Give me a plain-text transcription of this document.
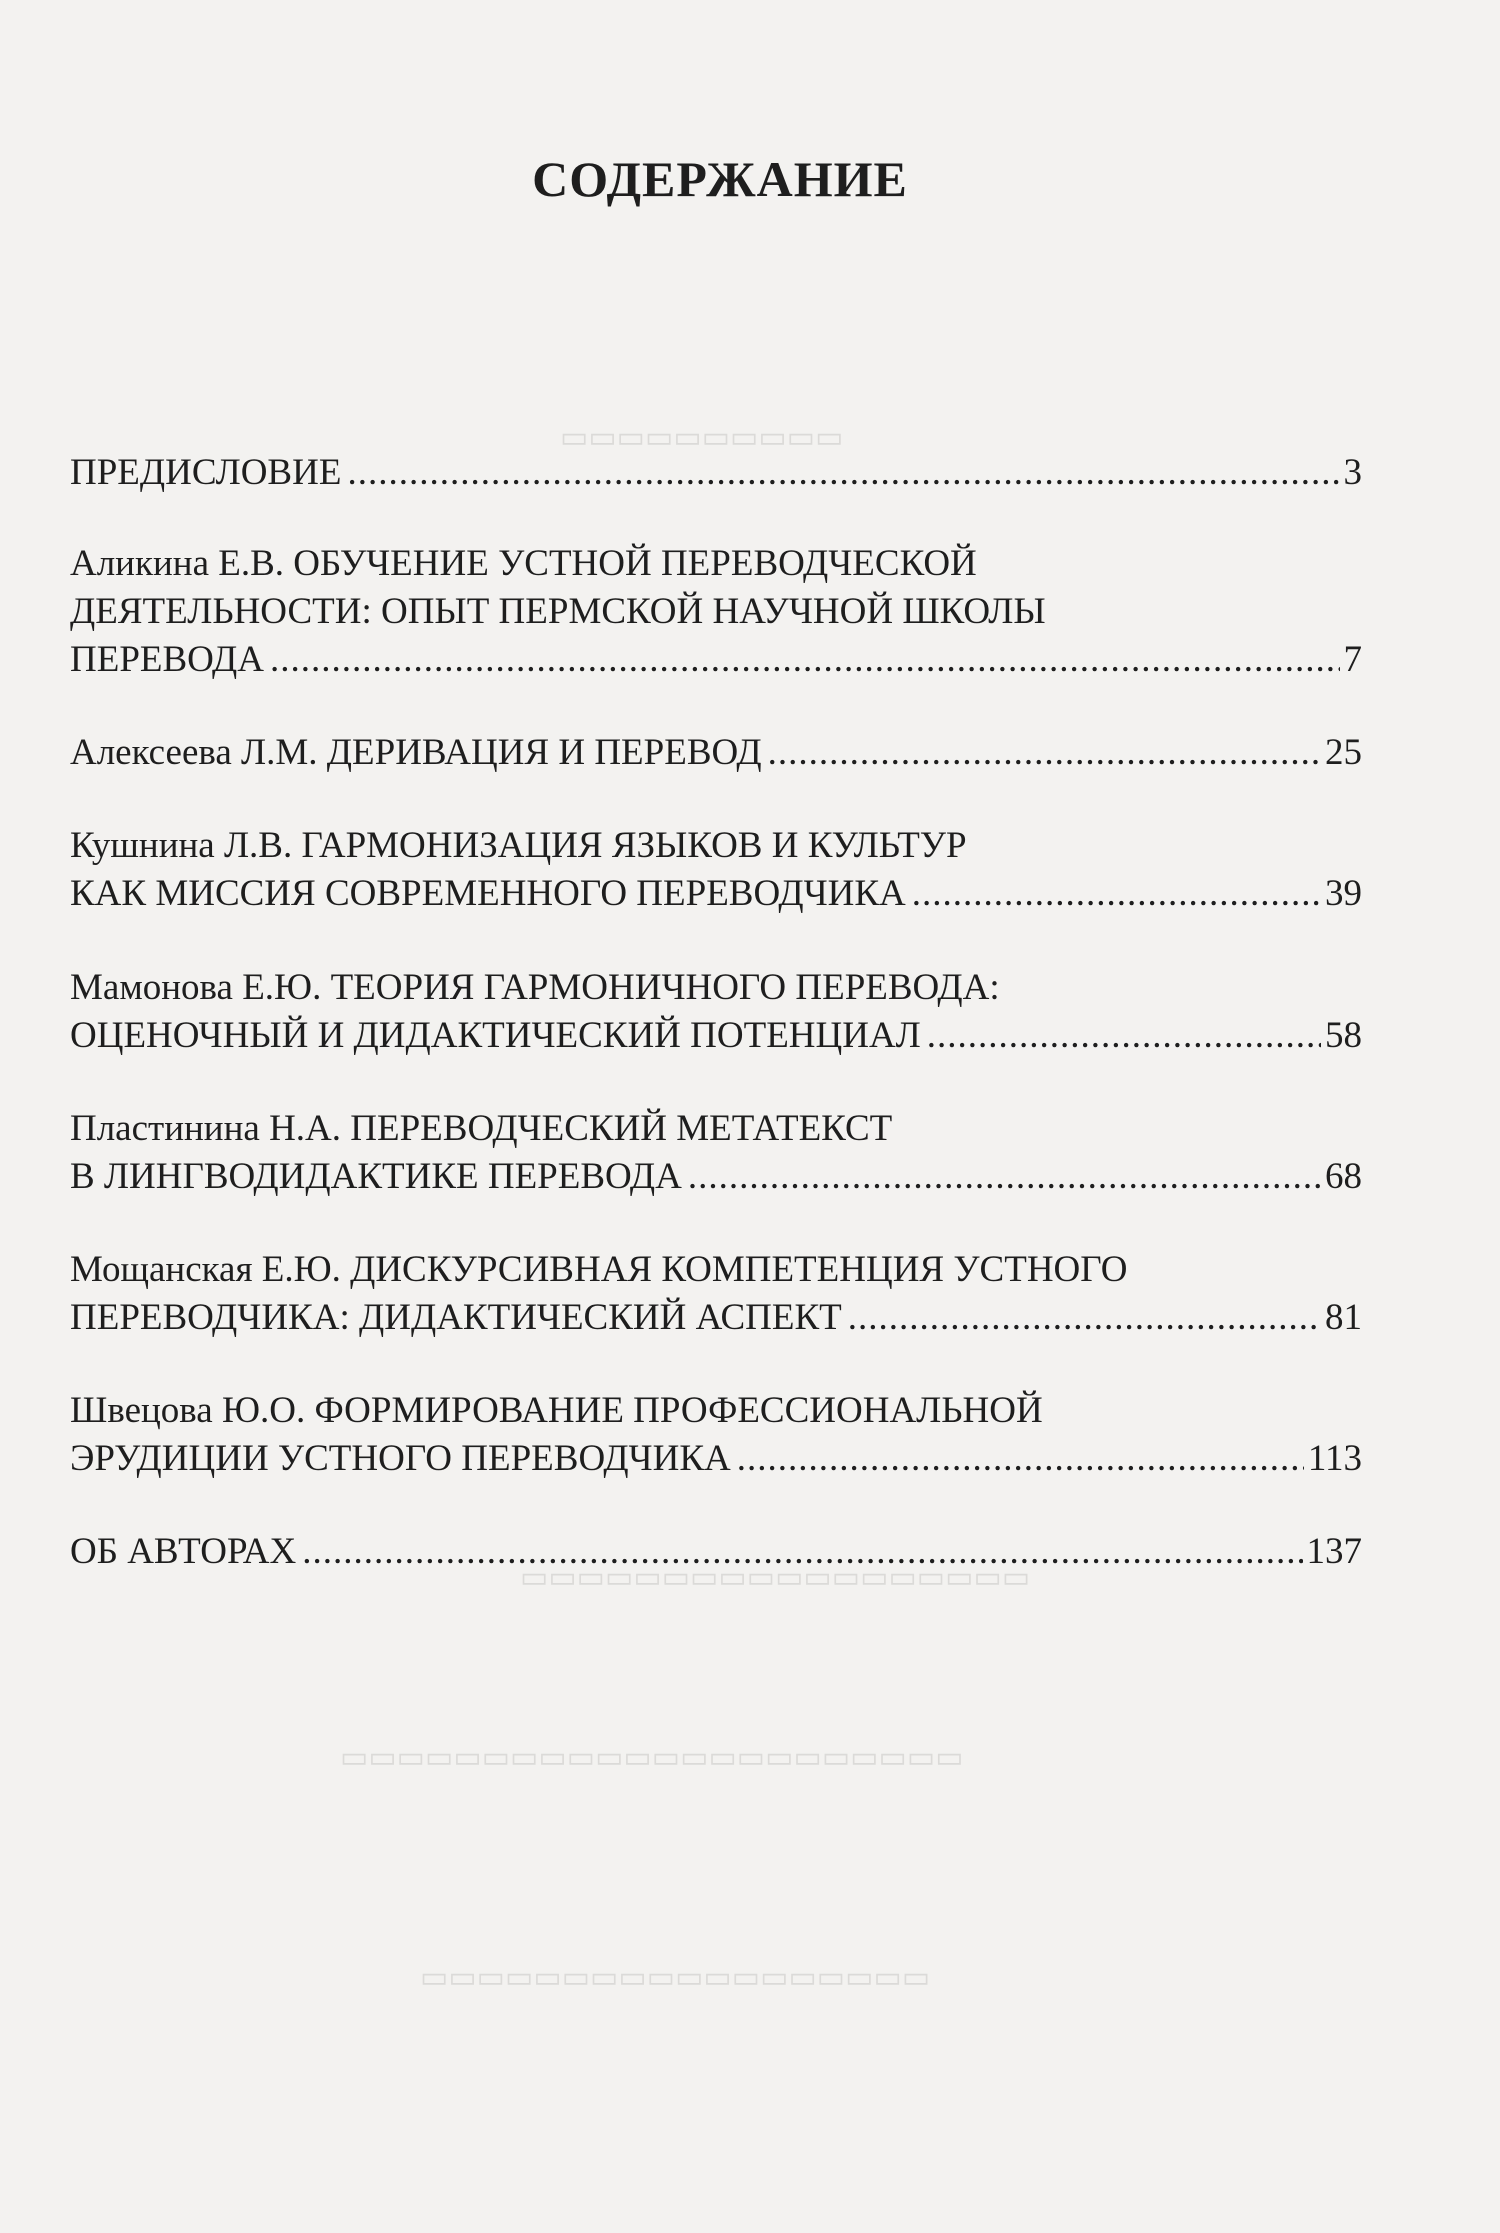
▭▭▭▭▭▭▭▭▭▭
▭▭▭▭▭▭▭▭▭▭▭▭▭▭▭▭▭▭
▭▭▭▭▭▭▭▭▭▭▭▭▭▭▭▭▭▭▭▭▭▭
▭▭▭▭▭▭▭▭▭▭▭▭▭▭▭▭▭▭
СОДЕРЖАНИЕ
ПРЕДИСЛОВИЕ .....	3
Аликина Е.В. ОБУЧЕНИЕ УСТНОЙ ПЕРЕВОДЧЕСКОЙ
ДЕЯТЕЛЬНОСТИ: ОПЫТ ПЕРМСКОЙ НАУЧНОЙ ШКОЛЫ
ПЕРЕВОДА .....	7
Алексеева Л.М. ДЕРИВАЦИЯ И ПЕРЕВОД .....	25
Кушнина Л.В. ГАРМОНИЗАЦИЯ ЯЗЫКОВ И КУЛЬТУР
КАК МИССИЯ СОВРЕМЕННОГО ПЕРЕВОДЧИКА .....	39
Мамонова Е.Ю. ТЕОРИЯ ГАРМОНИЧНОГО ПЕРЕВОДА:
ОЦЕНОЧНЫЙ И ДИДАКТИЧЕСКИЙ ПОТЕНЦИАЛ .....	58
Пластинина Н.А. ПЕРЕВОДЧЕСКИЙ МЕТАТЕКСТ
В ЛИНГВОДИДАКТИКЕ ПЕРЕВОДА .....	68
Мощанская Е.Ю. ДИСКУРСИВНАЯ КОМПЕТЕНЦИЯ УСТНОГО
ПЕРЕВОДЧИКА: ДИДАКТИЧЕСКИЙ АСПЕКТ .....	81
Швецова Ю.О. ФОРМИРОВАНИЕ ПРОФЕССИОНАЛЬНОЙ
ЭРУДИЦИИ УСТНОГО ПЕРЕВОДЧИКА .....	113
ОБ АВТОРАХ .....	137
